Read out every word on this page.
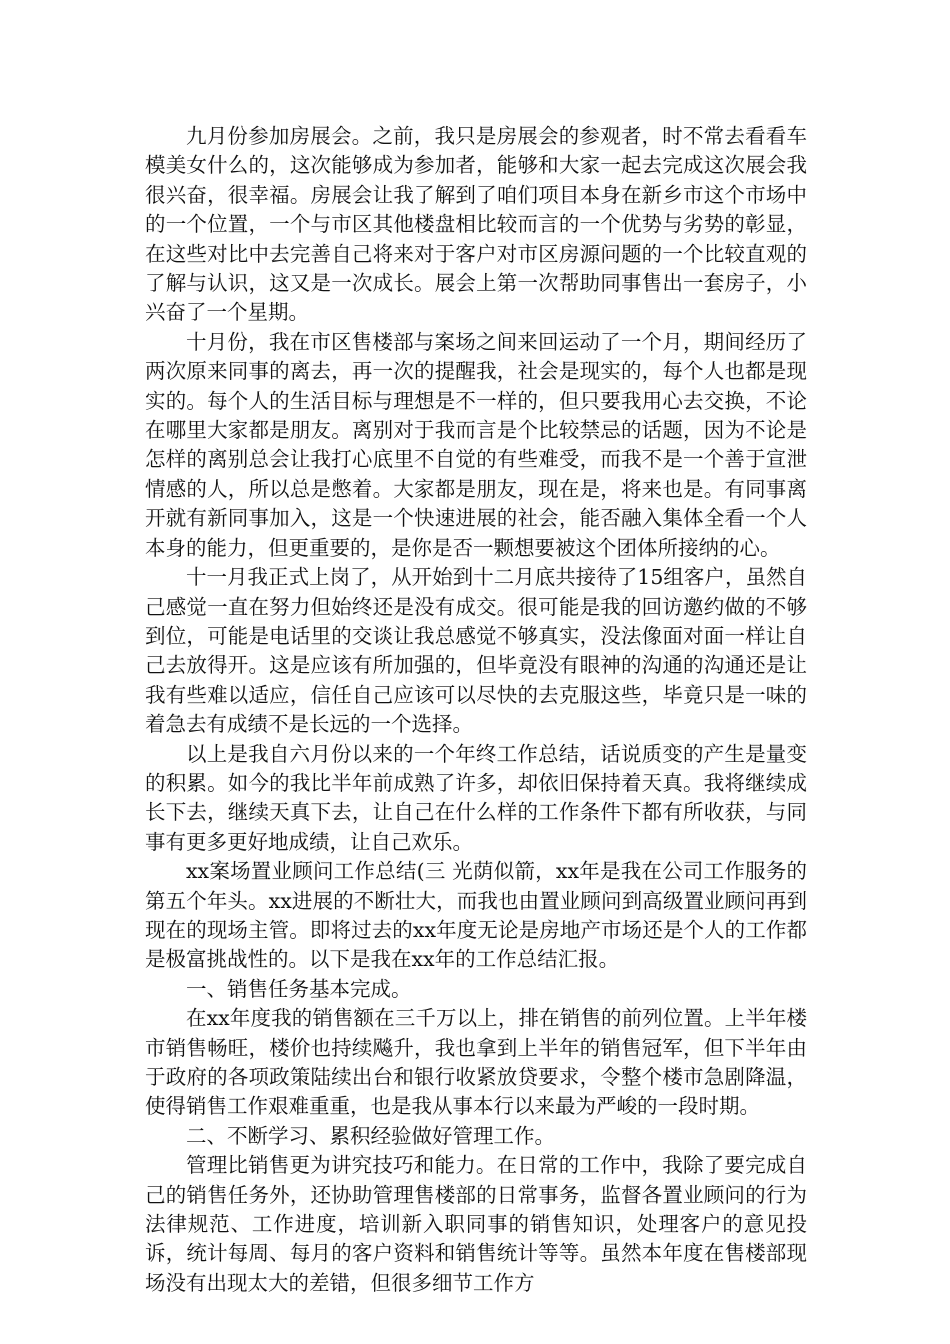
九月份参加房展会。之前，我只是房展会的参观者，时不常去看看车模美女什么的，这次能够成为参加者，能够和大家一起去完成这次展会我很兴奋，很幸福。房展会让我了解到了咱们项目本身在新乡市这个市场中的一个位置，一个与市区其他楼盘相比较而言的一个优势与劣势的彰显，在这些对比中去完善自己将来对于客户对市区房源问题的一个比较直观的了解与认识，这又是一次成长。展会上第一次帮助同事售出一套房子，小兴奋了一个星期。

十月份，我在市区售楼部与案场之间来回运动了一个月，期间经历了两次原来同事的离去，再一次的提醒我，社会是现实的，每个人也都是现实的。每个人的生活目标与理想是不一样的，但只要我用心去交换，不论在哪里大家都是朋友。离别对于我而言是个比较禁忌的话题，因为不论是怎样的离别总会让我打心底里不自觉的有些难受，而我不是一个善于宣泄情感的人，所以总是憋着。大家都是朋友，现在是，将来也是。有同事离开就有新同事加入，这是一个快速进展的社会，能否融入集体全看一个人本身的能力，但更重要的，是你是否一颗想要被这个团体所接纳的心。

十一月我正式上岗了，从开始到十二月底共接待了15组客户，虽然自己感觉一直在努力但始终还是没有成交。很可能是我的回访邀约做的不够到位，可能是电话里的交谈让我总感觉不够真实，没法像面对面一样让自己去放得开。这是应该有所加强的，但毕竟没有眼神的沟通的沟通还是让我有些难以适应，信任自己应该可以尽快的去克服这些，毕竟只是一味的着急去有成绩不是长远的一个选择。

以上是我自六月份以来的一个年终工作总结，话说质变的产生是量变的积累。如今的我比半年前成熟了许多，却依旧保持着天真。我将继续成长下去，继续天真下去，让自己在什么样的工作条件下都有所收获，与同事有更多更好地成绩，让自己欢乐。

xx案场置业顾问工作总结(三 光荫似箭，xx年是我在公司工作服务的第五个年头。xx进展的不断壮大，而我也由置业顾问到高级置业顾问再到现在的现场主管。即将过去的xx年度无论是房地产市场还是个人的工作都是极富挑战性的。以下是我在xx年的工作总结汇报。

一、销售任务基本完成。

在xx年度我的销售额在三千万以上，排在销售的前列位置。上半年楼市销售畅旺，楼价也持续飚升，我也拿到上半年的销售冠军，但下半年由于政府的各项政策陆续出台和银行收紧放贷要求，令整个楼市急剧降温，使得销售工作艰难重重，也是我从事本行以来最为严峻的一段时期。

二、不断学习、累积经验做好管理工作。

管理比销售更为讲究技巧和能力。在日常的工作中，我除了要完成自己的销售任务外，还协助管理售楼部的日常事务，监督各置业顾问的行为法律规范、工作进度，培训新入职同事的销售知识，处理客户的意见投诉，统计每周、每月的客户资料和销售统计等等。虽然本年度在售楼部现场没有出现太大的差错，但很多细节工作方
